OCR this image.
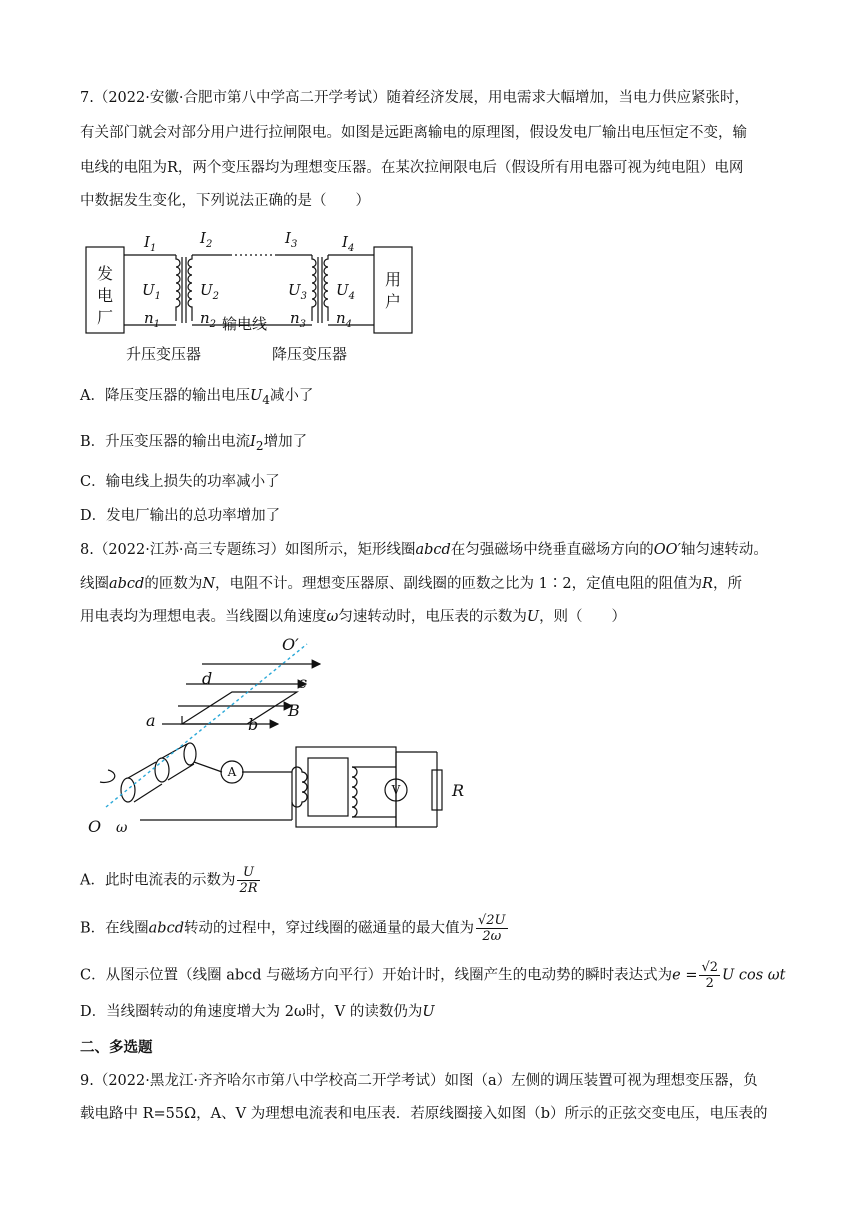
7.（2022·安徽·合肥市第八中学高二开学考试）随着经济发展，用电需求大幅增加，当电力供应紧张时，
有关部门就会对部分用户进行拉闸限电。如图是远距离输电的原理图，假设发电厂输出电压恒定不变，输
电线的电阻为R，两个变压器均为理想变压器。在某次拉闸限电后（假设所有用电器可视为纯电阻）电网
中数据发生变化，下列说法正确的是（　　）
发
电
厂
用
户
$I_1$
$I_2$	$I_3$	$I_4$
$U_1$	$U_2$	$U_3$ $U_4$
$n_1$	$n_2$	$n_3$ $n_4$
输电线
升压变压器	降压变压器
A．降压变压器的输出电压$U_4$减小了
B．升压变压器的输出电流$I_2$增加了
C．输电线上损失的功率减小了
D．发电厂输出的总功率增加了
8.（2022·江苏·高三专题练习）如图所示，矩形线圈abcd在匀强磁场中绕垂直磁场方向的OO′轴匀速转动。
线圈abcd的匝数为N，电阻不计。理想变压器原、副线圈的匝数之比为 1∶2，定值电阻的阻值为R，所
用电表均为理想电表。当线圈以角速度ω匀速转动时，电压表的示数为U，则（　　）
O′
O ω
a	b
c
d
B
R
A
V
A．此时电流表的示数为 $\frac{U}{2R}$
B．在线圈abcd转动的过程中，穿过线圈的磁通量的最大值为 $\frac{√2U}{2\omega}$
C．从图示位置（线圈 abcd 与磁场方向平行）开始计时，线圈产生的电动势的瞬时表达式为$e = \frac{√2}{2}$ U cos ωt
D．当线圈转动的角速度增大为 2ω时，V 的读数仍为U
二、多选题
9.（2022·黑龙江·齐齐哈尔市第八中学校高二开学考试）如图（a）左侧的调压装置可视为理想变压器，负
载电路中 R=55Ω，A、V 为理想电流表和电压表．若原线圈接入如图（b）所示的正弦交变电压，电压表的
